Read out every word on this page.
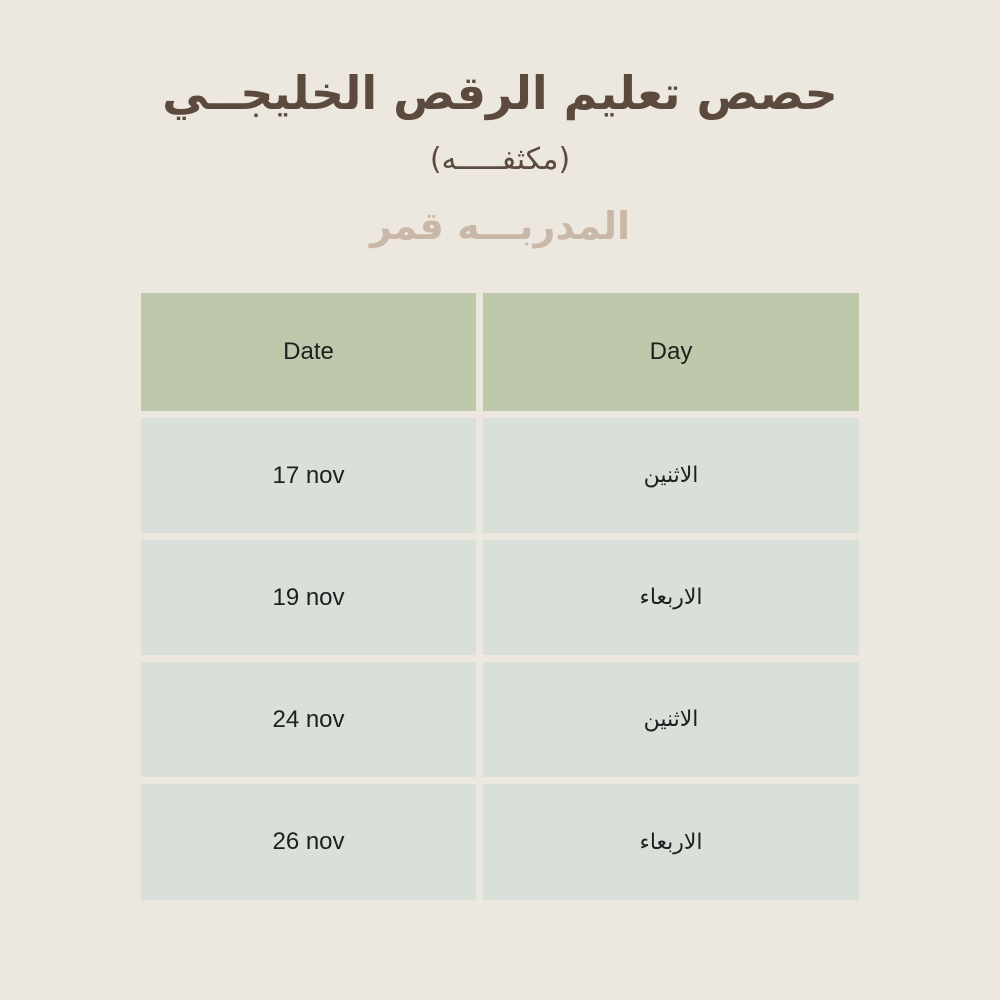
حصص تعليم الرقص الخليجــي
(مكثفـــــه)
المدربـــه قمر
Date	Day
17 nov	الاثنين
19 nov	الاربعاء
24 nov	الاثنين
26 nov	الاربعاء
